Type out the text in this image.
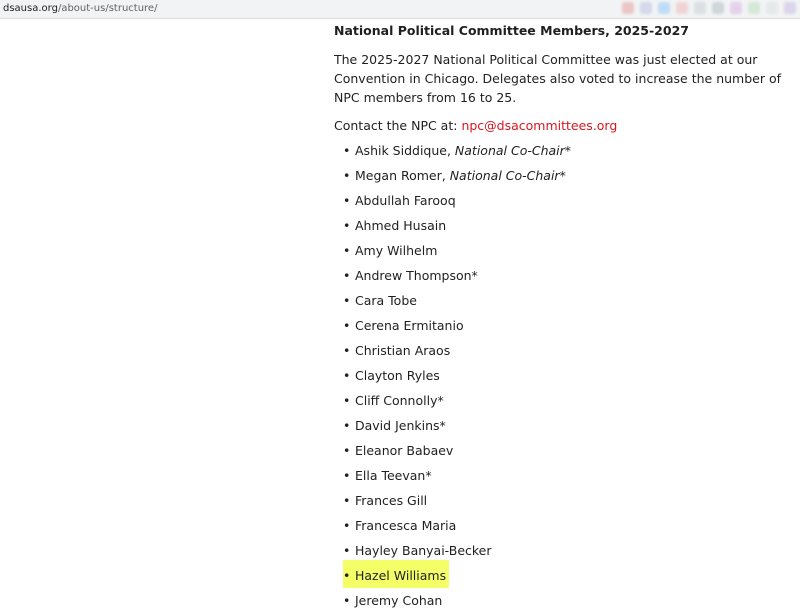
dsausa.org/about-us/structure/
National Political Committee Members, 2025-2027

The 2025-2027 National Political Committee was just elected at our Convention in Chicago. Delegates also voted to increase the number of NPC members from 16 to 25.

Contact the NPC at: npc@dsacommittees.org

• Ashik Siddique, National Co-Chair*
• Megan Romer, National Co-Chair*
• Abdullah Farooq
• Ahmed Husain
• Amy Wilhelm
• Andrew Thompson*
• Cara Tobe
• Cerena Ermitanio
• Christian Araos
• Clayton Ryles
• Cliff Connolly*
• David Jenkins*
• Eleanor Babaev
• Ella Teevan*
• Frances Gill
• Francesca Maria
• Hayley Banyai-Becker
• Hazel Williams
• Jeremy Cohan
